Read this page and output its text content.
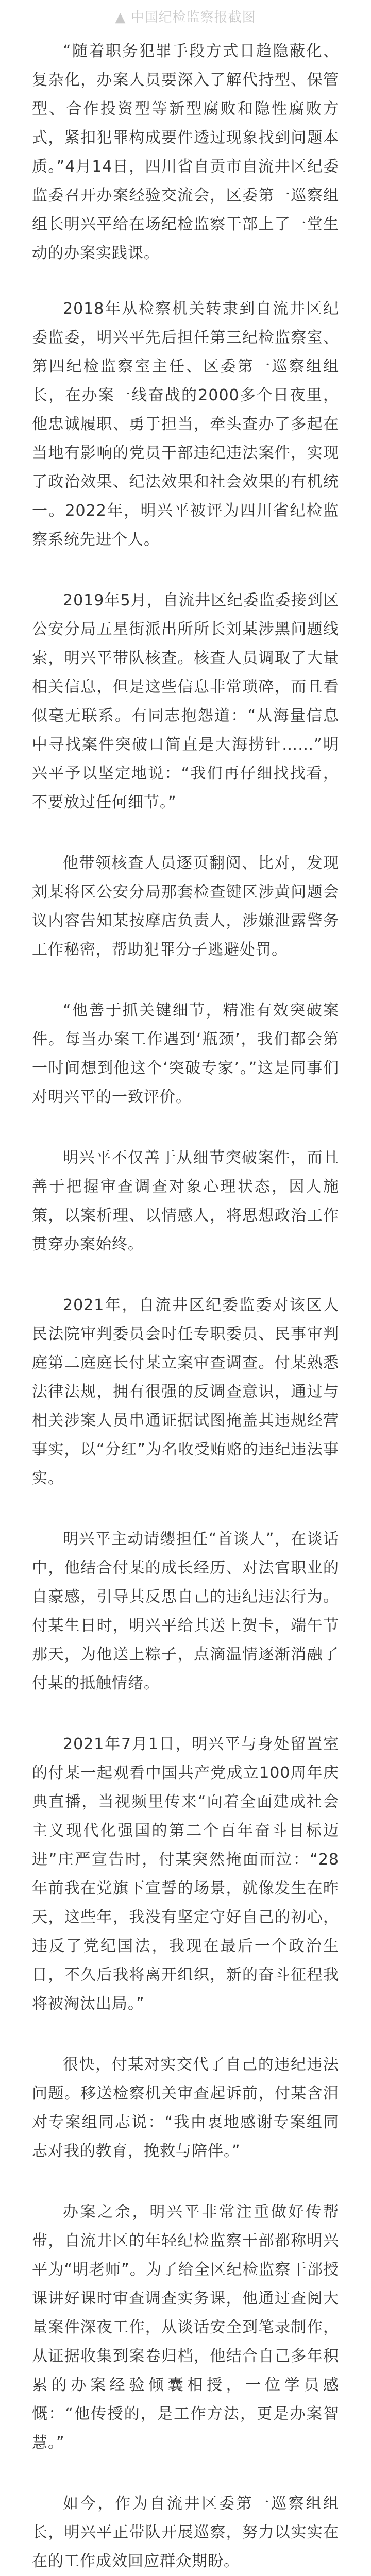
▲ 中国纪检监察报截图

“随着职务犯罪手段方式日趋隐蔽化、复杂化，办案人员要深入了解代持型、保管型、合作投资型等新型腐败和隐性腐败方式，紧扣犯罪构成要件透过现象找到问题本质。”4月14日，四川省自贡市自流井区纪委监委召开办案经验交流会，区委第一巡察组组长明兴平给在场纪检监察干部上了一堂生动的办案实践课。

2018年从检察机关转隶到自流井区纪委监委，明兴平先后担任第三纪检监察室、第四纪检监察室主任、区委第一巡察组组长，在办案一线奋战的2000多个日夜里，他忠诚履职、勇于担当，牵头查办了多起在当地有影响的党员干部违纪违法案件，实现了政治效果、纪法效果和社会效果的有机统一。2022年，明兴平被评为四川省纪检监察系统先进个人。

2019年5月，自流井区纪委监委接到区公安分局五星街派出所所长刘某涉黑问题线索，明兴平带队核查。核查人员调取了大量相关信息，但是这些信息非常琐碎，而且看似毫无联系。有同志抱怨道：“从海量信息中寻找案件突破口简直是大海捞针……”明兴平予以坚定地说：“我们再仔细找找看，不要放过任何细节。”

他带领核查人员逐页翻阅、比对，发现刘某将区公安分局那套检查键区涉黄问题会议内容告知某按摩店负责人，涉嫌泄露警务工作秘密，帮助犯罪分子逃避处罚。

“他善于抓关键细节，精准有效突破案件。每当办案工作遇到‘瓶颈’，我们都会第一时间想到他这个‘突破专家’。”这是同事们对明兴平的一致评价。

明兴平不仅善于从细节突破案件，而且善于把握审查调查对象心理状态，因人施策，以案析理、以情感人，将思想政治工作贯穿办案始终。

2021年，自流井区纪委监委对该区人民法院审判委员会时任专职委员、民事审判庭第二庭庭长付某立案审查调查。付某熟悉法律法规，拥有很强的反调查意识，通过与相关涉案人员串通证据试图掩盖其违规经营事实，以“分红”为名收受贿赂的违纪违法事实。

明兴平主动请缨担任“首谈人”，在谈话中，他结合付某的成长经历、对法官职业的自豪感，引导其反思自己的违纪违法行为。付某生日时，明兴平给其送上贺卡，端午节那天，为他送上粽子，点滴温情逐渐消融了付某的抵触情绪。

2021年7月1日，明兴平与身处留置室的付某一起观看中国共产党成立100周年庆典直播，当视频里传来“向着全面建成社会主义现代化强国的第二个百年奋斗目标迈进”庄严宣告时，付某突然掩面而泣：“28年前我在党旗下宣誓的场景，就像发生在昨天，这些年，我没有坚定守好自己的初心，违反了党纪国法，我现在最后一个政治生日，不久后我将离开组织，新的奋斗征程我将被淘汰出局。”

很快，付某对实交代了自己的违纪违法问题。移送检察机关审查起诉前，付某含泪对专案组同志说：“我由衷地感谢专案组同志对我的教育，挽救与陪伴。”

办案之余，明兴平非常注重做好传帮带，自流井区的年轻纪检监察干部都称明兴平为“明老师”。为了给全区纪检监察干部授课讲好课时审查调查实务课，他通过查阅大量案件深夜工作，从谈话安全到笔录制作，从证据收集到案卷归档，他结合自己多年积累的办案经验倾囊相授，一位学员感慨：“他传授的，是工作方法，更是办案智慧。”

如今，作为自流井区委第一巡察组组长，明兴平正带队开展巡察，努力以实实在在的工作成效回应群众期盼。
